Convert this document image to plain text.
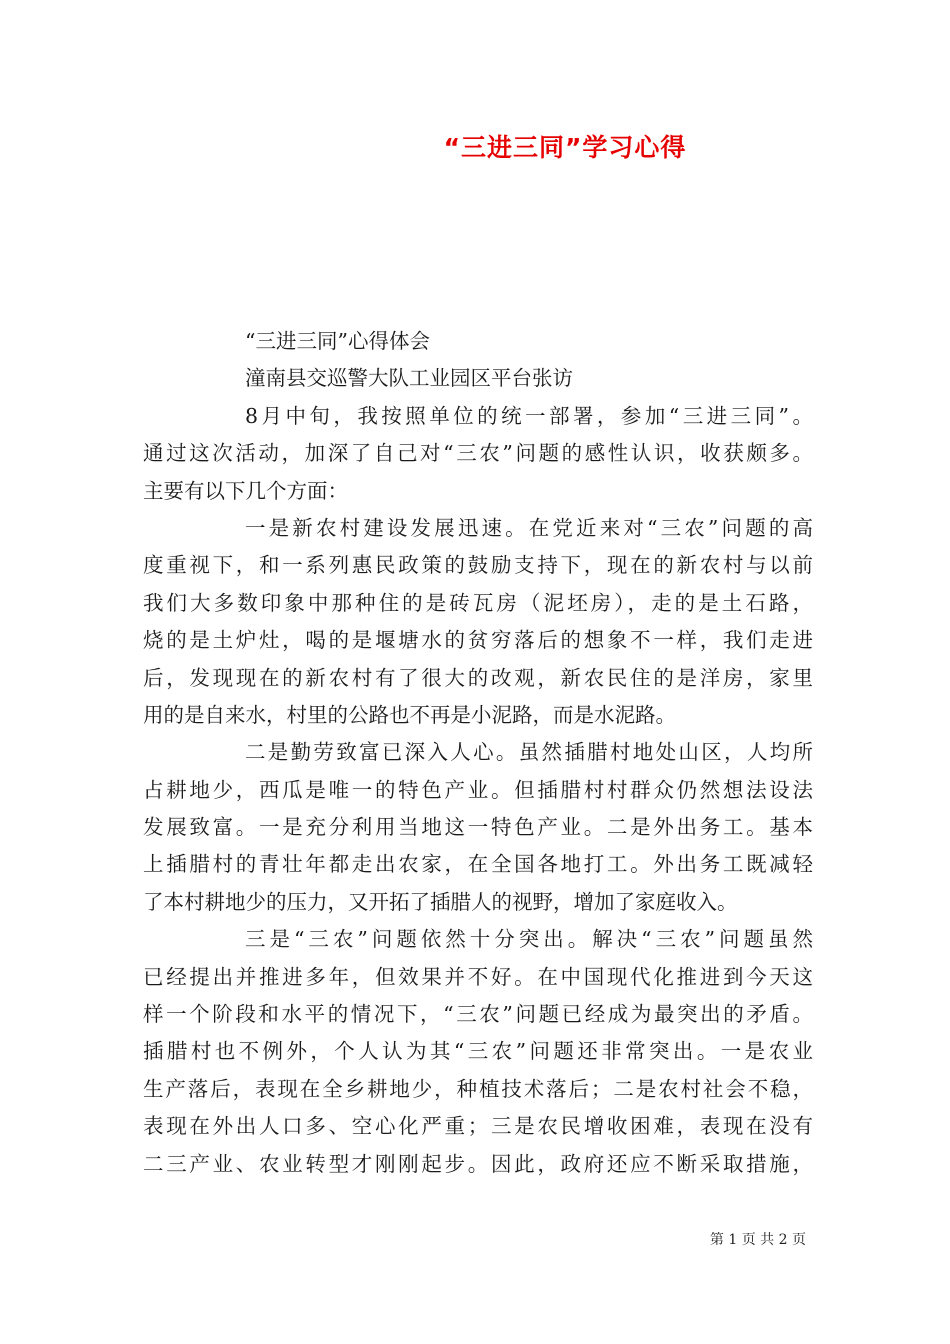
“三进三同”学习心得
“三进三同”心得体会
潼南县交巡警大队工业园区平台张访
8月中旬，我按照单位的统一部署，参加“三进三同”。
通过这次活动，加深了自己对“三农”问题的感性认识，收获颇多。
主要有以下几个方面：
一是新农村建设发展迅速。在党近来对“三农”问题的高
度重视下，和一系列惠民政策的鼓励支持下，现在的新农村与以前
我们大多数印象中那种住的是砖瓦房（泥坯房），走的是土石路，
烧的是土炉灶，喝的是堰塘水的贫穷落后的想象不一样，我们走进
后，发现现在的新农村有了很大的改观，新农民住的是洋房，家里
用的是自来水，村里的公路也不再是小泥路，而是水泥路。
二是勤劳致富已深入人心。虽然插腊村地处山区，人均所
占耕地少，西瓜是唯一的特色产业。但插腊村村群众仍然想法设法
发展致富。一是充分利用当地这一特色产业。二是外出务工。基本
上插腊村的青壮年都走出农家，在全国各地打工。外出务工既减轻
了本村耕地少的压力，又开拓了插腊人的视野，增加了家庭收入。
三是“三农”问题依然十分突出。解决“三农”问题虽然
已经提出并推进多年，但效果并不好。在中国现代化推进到今天这
样一个阶段和水平的情况下，“三农”问题已经成为最突出的矛盾。
插腊村也不例外，个人认为其“三农”问题还非常突出。一是农业
生产落后，表现在全乡耕地少，种植技术落后；二是农村社会不稳，
表现在外出人口多、空心化严重；三是农民增收困难，表现在没有
二三产业、农业转型才刚刚起步。因此，政府还应不断采取措施，
第 1 页 共 2 页
